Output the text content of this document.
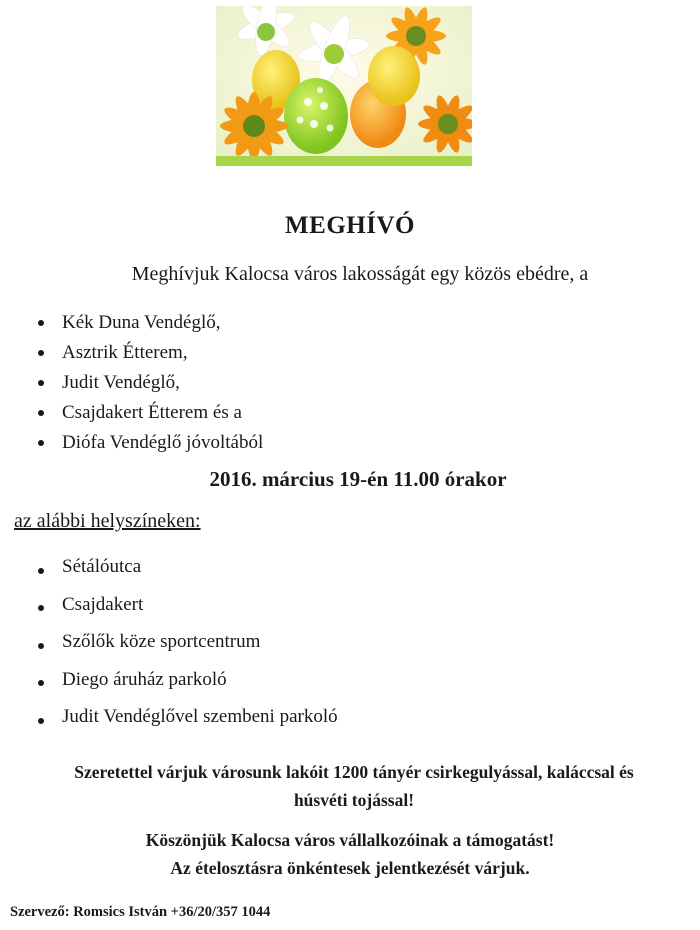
MEGHÍVÓ
Meghívjuk Kalocsa város lakosságát egy közös ebédre, a
Kék Duna Vendéglő,
Asztrik Étterem,
Judit Vendéglő,
Csajdakert Étterem és a
Diófa Vendéglő jóvoltából
2016. március 19-én 11.00 órakor
az alábbi helyszíneken:
Sétálóutca
Csajdakert
Szőlők köze sportcentrum
Diego áruház parkoló
Judit Vendéglővel szembeni parkoló
Szeretettel várjuk városunk lakóit 1200 tányér csirkegulyással, kaláccsal és
húsvéti tojással!
Köszönjük Kalocsa város vállalkozóinak a támogatást!
Az ételosztásra önkéntesek jelentkezését várjuk.
Szervező: Romsics István +36/20/357 1044
